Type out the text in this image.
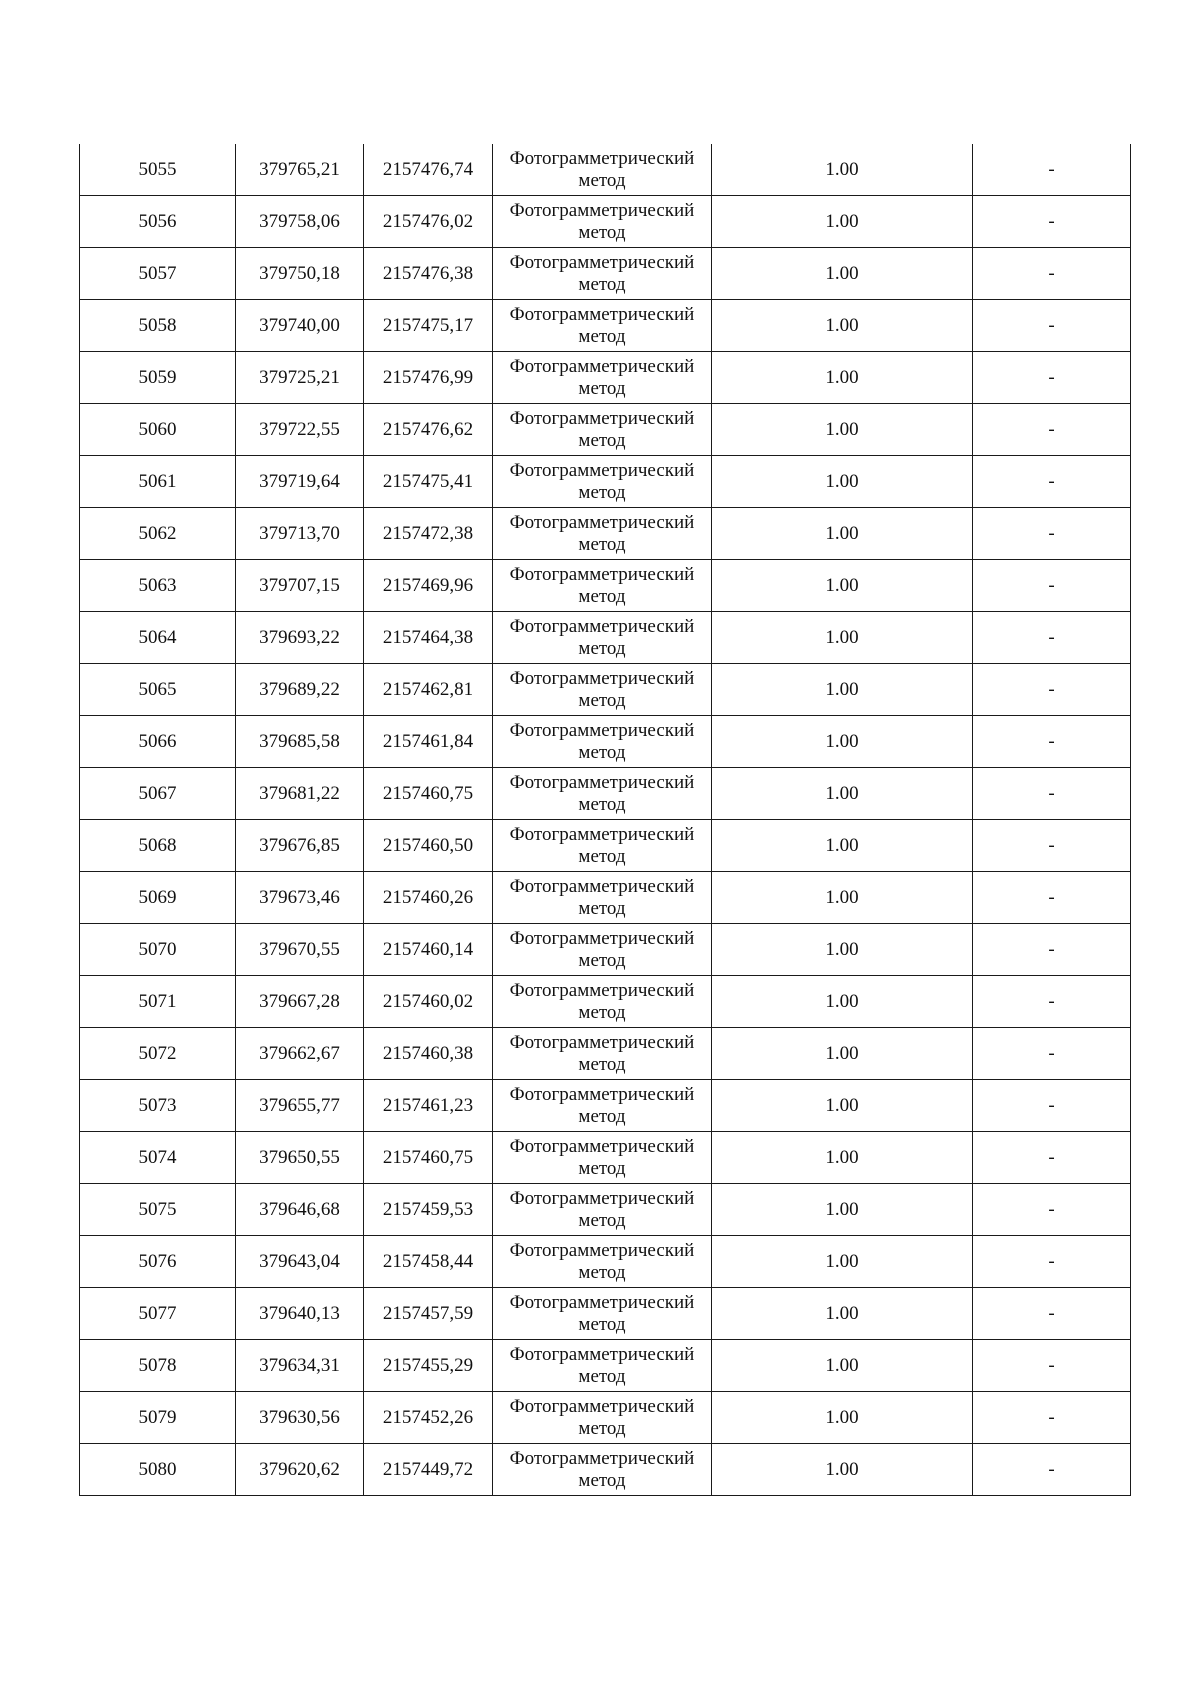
5055	379765,21	2157476,74	Фотограмметрический
метод	1.00	-
5056	379758,06	2157476,02	Фотограмметрический
метод	1.00	-
5057	379750,18	2157476,38	Фотограмметрический
метод	1.00	-
5058	379740,00	2157475,17	Фотограмметрический
метод	1.00	-
5059	379725,21	2157476,99	Фотограмметрический
метод	1.00	-
5060	379722,55	2157476,62	Фотограмметрический
метод	1.00	-
5061	379719,64	2157475,41	Фотограмметрический
метод	1.00	-
5062	379713,70	2157472,38	Фотограмметрический
метод	1.00	-
5063	379707,15	2157469,96	Фотограмметрический
метод	1.00	-
5064	379693,22	2157464,38	Фотограмметрический
метод	1.00	-
5065	379689,22	2157462,81	Фотограмметрический
метод	1.00	-
5066	379685,58	2157461,84	Фотограмметрический
метод	1.00	-
5067	379681,22	2157460,75	Фотограмметрический
метод	1.00	-
5068	379676,85	2157460,50	Фотограмметрический
метод	1.00	-
5069	379673,46	2157460,26	Фотограмметрический
метод	1.00	-
5070	379670,55	2157460,14	Фотограмметрический
метод	1.00	-
5071	379667,28	2157460,02	Фотограмметрический
метод	1.00	-
5072	379662,67	2157460,38	Фотограмметрический
метод	1.00	-
5073	379655,77	2157461,23	Фотограмметрический
метод	1.00	-
5074	379650,55	2157460,75	Фотограмметрический
метод	1.00	-
5075	379646,68	2157459,53	Фотограмметрический
метод	1.00	-
5076	379643,04	2157458,44	Фотограмметрический
метод	1.00	-
5077	379640,13	2157457,59	Фотограмметрический
метод	1.00	-
5078	379634,31	2157455,29	Фотограмметрический
метод	1.00	-
5079	379630,56	2157452,26	Фотограмметрический
метод	1.00	-
5080	379620,62	2157449,72	Фотограмметрический
метод	1.00	-
